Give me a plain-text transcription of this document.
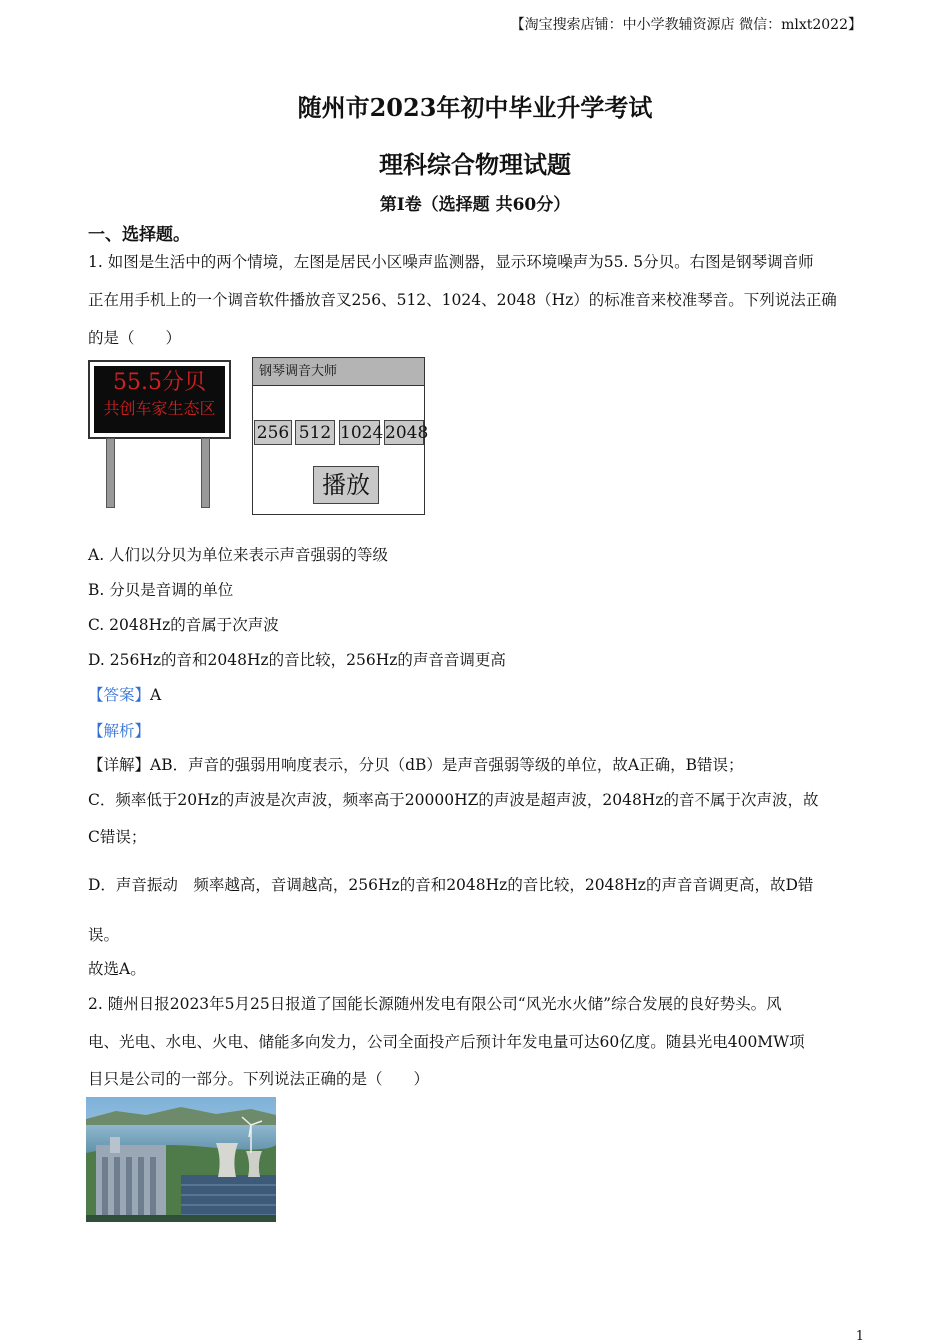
【淘宝搜索店铺：中小学教辅资源店 微信：mlxt2022】
随州市2023年初中毕业升学考试
理科综合物理试题
第Ⅰ卷（选择题 共60分）
一、选择题。
1. 如图是生活中的两个情境，左图是居民小区噪声监测器，显示环境噪声为55. 5分贝。右图是钢琴调音师
正在用手机上的一个调音软件播放音叉256、512、1024、2048（Hz）的标准音来校准琴音。下列说法正确
的是（　　）
55.5分贝
共创车家生态区
钢琴调音大师
256 512 1024 2048
播放
A. 人们以分贝为单位来表示声音强弱的等级
B. 分贝是音调的单位
C. 2048Hz的音属于次声波
D. 256Hz的音和2048Hz的音比较，256Hz的声音音调更高
【答案】A
【解析】
【详解】AB．声音的强弱用响度表示，分贝（dB）是声音强弱等级的单位，故A正确，B错误；
C．频率低于20Hz的声波是次声波，频率高于20000HZ的声波是超声波，2048Hz的音不属于次声波，故
C错误；
D．声音振动　频率越高，音调越高，256Hz的音和2048Hz的音比较，2048Hz的声音音调更高，故D错
误。
故选A。
2. 随州日报2023年5月25日报道了国能长源随州发电有限公司“风光水火储”综合发展的良好势头。风
电、光电、水电、火电、储能多向发力，公司全面投产后预计年发电量可达60亿度。随县光电400MW项
目只是公司的一部分。下列说法正确的是（　　）
1
